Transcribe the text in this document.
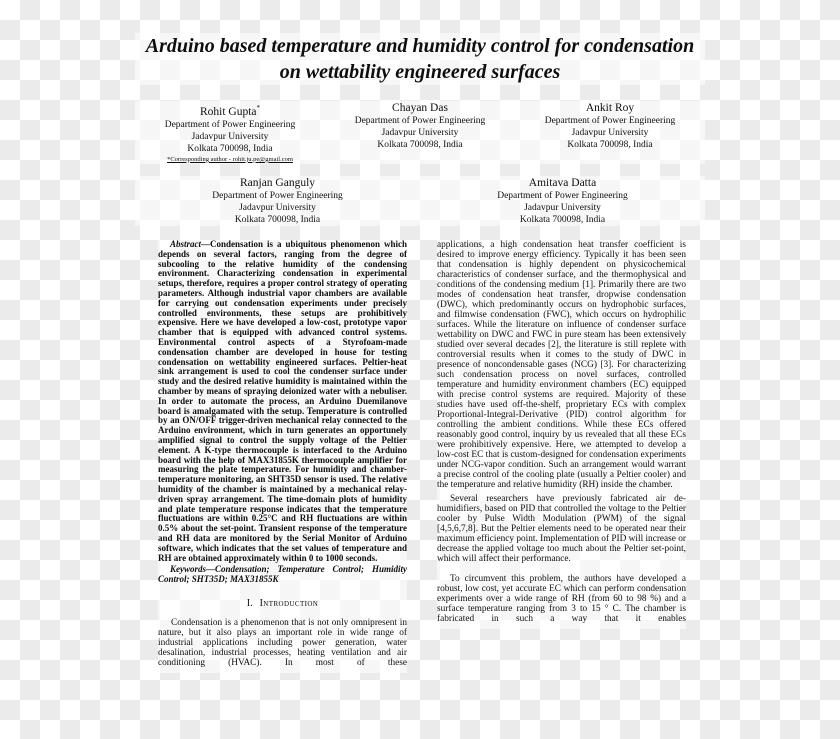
Arduino based temperature and humidity control for condensation on wettability engineered surfaces
Rohit Gupta*
Department of Power Engineering
Jadavpur University
Kolkata 700098, India
*Corresponding author - rohit.ju.pe@gmail.com
Chayan Das
Department of Power Engineering
Jadavpur University
Kolkata 700098, India
Ankit Roy
Department of Power Engineering
Jadavpur University
Kolkata 700098, India
Ranjan Ganguly
Department of Power Engineering
Jadavpur University
Kolkata 700098, India
Amitava Datta
Department of Power Engineering
Jadavpur University
Kolkata 700098, India

Abstract—Condensation is a ubiquitous phenomenon which depends on several factors, ranging from the degree of subcooling to the relative humidity of the condensing environment. Characterizing condensation in experimental setups, therefore, requires a proper control strategy of operating parameters. Although industrial vapor chambers are available for carrying out condensation experiments under precisely controlled environments, these setups are prohibitively expensive. Here we have developed a low-cost, prototype vapor chamber that is equipped with advanced control systems. Environmental control aspects of a Styrofoam-made condensation chamber are developed in house for testing condensation on wettability engineered surfaces. Peltier-heat sink arrangement is used to cool the condenser surface under study and the desired relative humidity is maintained within the chamber by means of spraying deionized water with a nebuliser. In order to automate the process, an Arduino Duemilanove board is amalgamated with the setup. Temperature is controlled by an ON/OFF trigger-driven mechanical relay connected to the Arduino environment, which in turn generates an opportunely amplified signal to control the supply voltage of the Peltier element. A K-type thermocouple is interfaced to the Arduino board with the help of MAX31855K thermocouple amplifier for measuring the plate temperature. For humidity and chamber-temperature monitoring, an SHT35D sensor is used. The relative humidity of the chamber is maintained by a mechanical relay-driven spray arrangement. The time-domain plots of humidity and plate temperature response indicates that the temperature fluctuations are within 0.25°C and RH fluctuations are within 0.5% about the set-point. Transient response of the temperature and RH data are monitored by the Serial Monitor of Arduino software, which indicates that the set values of temperature and RH are obtained approximately within 0 to 1000 seconds.

Keywords—Condensation; Temperature Control; Humidity Control; SHT35D; MAX31855K

I. Introduction

Condensation is a phenomenon that is not only omnipresent in nature, but it also plays an important role in wide range of industrial applications including power generation, water desalination, industrial processes, heating ventilation and air conditioning (HVAC). In most of these

applications, a high condensation heat transfer coefficient is desired to improve energy efficiency. Typically it has been seen that condensation is highly dependent on physicochemical characteristics of condenser surface, and the thermophysical and conditions of the condensing medium [1]. Primarily there are two modes of condensation heat transfer, dropwise condensation (DWC), which predominantly occurs on hydrophobic surfaces, and filmwise condensation (FWC), which occurs on hydrophilic surfaces. While the literature on influence of condenser surface wettability on DWC and FWC in pure steam has been extensively studied over several decades [2], the literature is still replete with controversial results when it comes to the study of DWC in presence of noncondensable gases (NCG) [3]. For characterizing such condensation process on novel surfaces, controlled temperature and humidity environment chambers (EC) equipped with precise control systems are required. Majority of these studies have used off-the-shelf, proprietary ECs with complex Proportional-Integral-Derivative (PID) control algorithm for controlling the ambient conditions. While these ECs offered reasonably good control, inquiry by us revealed that all these ECs were prohibitively expensive. Here, we attempted to develop a low-cost EC that is custom-designed for condensation experiments under NCG-vapor condition. Such an arrangement would warrant a precise control of the cooling plate (usually a Peltier cooler) and the temperature and relative humidity (RH) inside the chamber.

Several researchers have previously fabricated air de-humidifiers, based on PID that controlled the voltage to the Peltier cooler by Pulse Width Modulation (PWM) of the signal [4,5,6,7,8]. But the Peltier elements need to be operated near their maximum efficiency point. Implementation of PID will increase or decrease the applied voltage too much about the Peltier set-point, which will affect their performance.

To circumvent this problem, the authors have developed a robust, low cost, yet accurate EC which can perform condensation experiments over a wide range of RH (from 60 to 98 %) and a surface temperature ranging from 3 to 15 ° C. The chamber is fabricated in such a way that it enables
